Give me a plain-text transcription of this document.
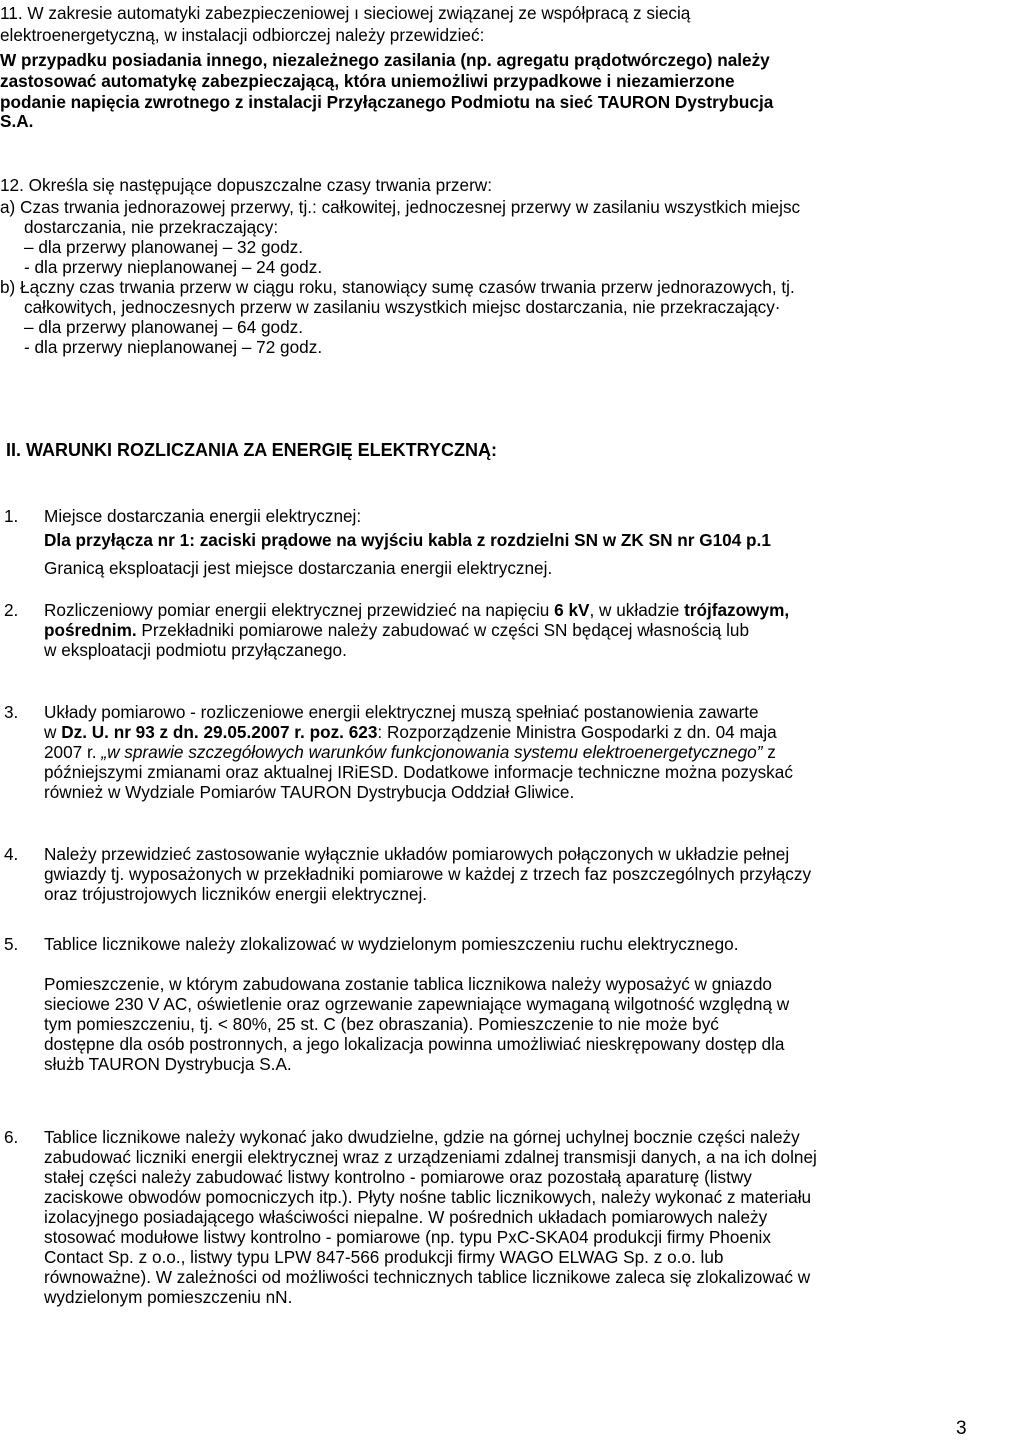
11. W zakresie automatyki zabezpieczeniowej ı sieciowej związanej ze współpracą z siecią
elektroenergetyczną, w instalacji odbiorczej należy przewidzieć:
W przypadku posiadania innego, niezależnego zasilania (np. agregatu prądotwórczego) należy
zastosować automatykę zabezpieczającą, która uniemożliwi przypadkowe i niezamierzone
podanie napięcia zwrotnego z instalacji Przyłączanego Podmiotu na sieć TAURON Dystrybucja
S.A.
12. Określa się następujące dopuszczalne czasy trwania przerw:
a) Czas trwania jednorazowej przerwy, tj.: całkowitej, jednoczesnej przerwy w zasilaniu wszystkich miejsc
dostarczania, nie przekraczający:
– dla przerwy planowanej – 32 godz.
- dla przerwy nieplanowanej – 24 godz.
b) Łączny czas trwania przerw w ciągu roku, stanowiący sumę czasów trwania przerw jednorazowych, tj.
całkowitych, jednoczesnych przerw w zasilaniu wszystkich miejsc dostarczania, nie przekraczający·
– dla przerwy planowanej – 64 godz.
- dla przerwy nieplanowanej – 72 godz.
II. WARUNKI ROZLICZANIA ZA ENERGIĘ ELEKTRYCZNĄ:
1.	Miejsce dostarczania energii elektrycznej:
Dla przyłącza nr 1: zaciski prądowe na wyjściu kabla z rozdzielni SN w ZK SN nr G104 p.1
Granicą eksploatacji jest miejsce dostarczania energii elektrycznej.
2.	Rozliczeniowy pomiar energii elektrycznej przewidzieć na napięciu 6 kV, w układzie trójfazowym,
pośrednim. Przekładniki pomiarowe należy zabudować w części SN będącej własnością lub
w eksploatacji podmiotu przyłączanego.
3.	Układy pomiarowo - rozliczeniowe energii elektrycznej muszą spełniać postanowienia zawarte
w Dz. U. nr 93 z dn. 29.05.2007 r. poz. 623: Rozporządzenie Ministra Gospodarki z dn. 04 maja
2007 r. „w sprawie szczegółowych warunków funkcjonowania systemu elektroenergetycznego” z
późniejszymi zmianami oraz aktualnej IRiESD. Dodatkowe informacje techniczne można pozyskać
również w Wydziale Pomiarów TAURON Dystrybucja Oddział Gliwice.
4.	Należy przewidzieć zastosowanie wyłącznie układów pomiarowych połączonych w układzie pełnej
gwiazdy tj. wyposażonych w przekładniki pomiarowe w każdej z trzech faz poszczególnych przyłączy
oraz trójustrojowych liczników energii elektrycznej.
5.	Tablice licznikowe należy zlokalizować w wydzielonym pomieszczeniu ruchu elektrycznego.
Pomieszczenie, w którym zabudowana zostanie tablica licznikowa należy wyposażyć w gniazdo
sieciowe 230 V AC, oświetlenie oraz ogrzewanie zapewniające wymaganą wilgotność względną w
tym pomieszczeniu, tj. < 80%, 25 st. C (bez obraszania). Pomieszczenie to nie może być
dostępne dla osób postronnych, a jego lokalizacja powinna umożliwiać nieskrępowany dostęp dla
służb TAURON Dystrybucja S.A.
6.	Tablice licznikowe należy wykonać jako dwudzielne, gdzie na górnej uchylnej bocznie części należy
zabudować liczniki energii elektrycznej wraz z urządzeniami zdalnej transmisji danych, a na ich dolnej
stałej części należy zabudować listwy kontrolno - pomiarowe oraz pozostałą aparaturę (listwy
zaciskowe obwodów pomocniczych itp.). Płyty nośne tablic licznikowych, należy wykonać z materiału
izolacyjnego posiadającego właściwości niepalne. W pośrednich układach pomiarowych należy
stosować modułowe listwy kontrolno - pomiarowe (np. typu PxC-SKA04 produkcji firmy Phoenix
Contact Sp. z o.o., listwy typu LPW 847-566 produkcji firmy WAGO ELWAG Sp. z o.o. lub
równoważne). W zależności od możliwości technicznych tablice licznikowe zaleca się zlokalizować w
wydzielonym pomieszczeniu nN.
3
